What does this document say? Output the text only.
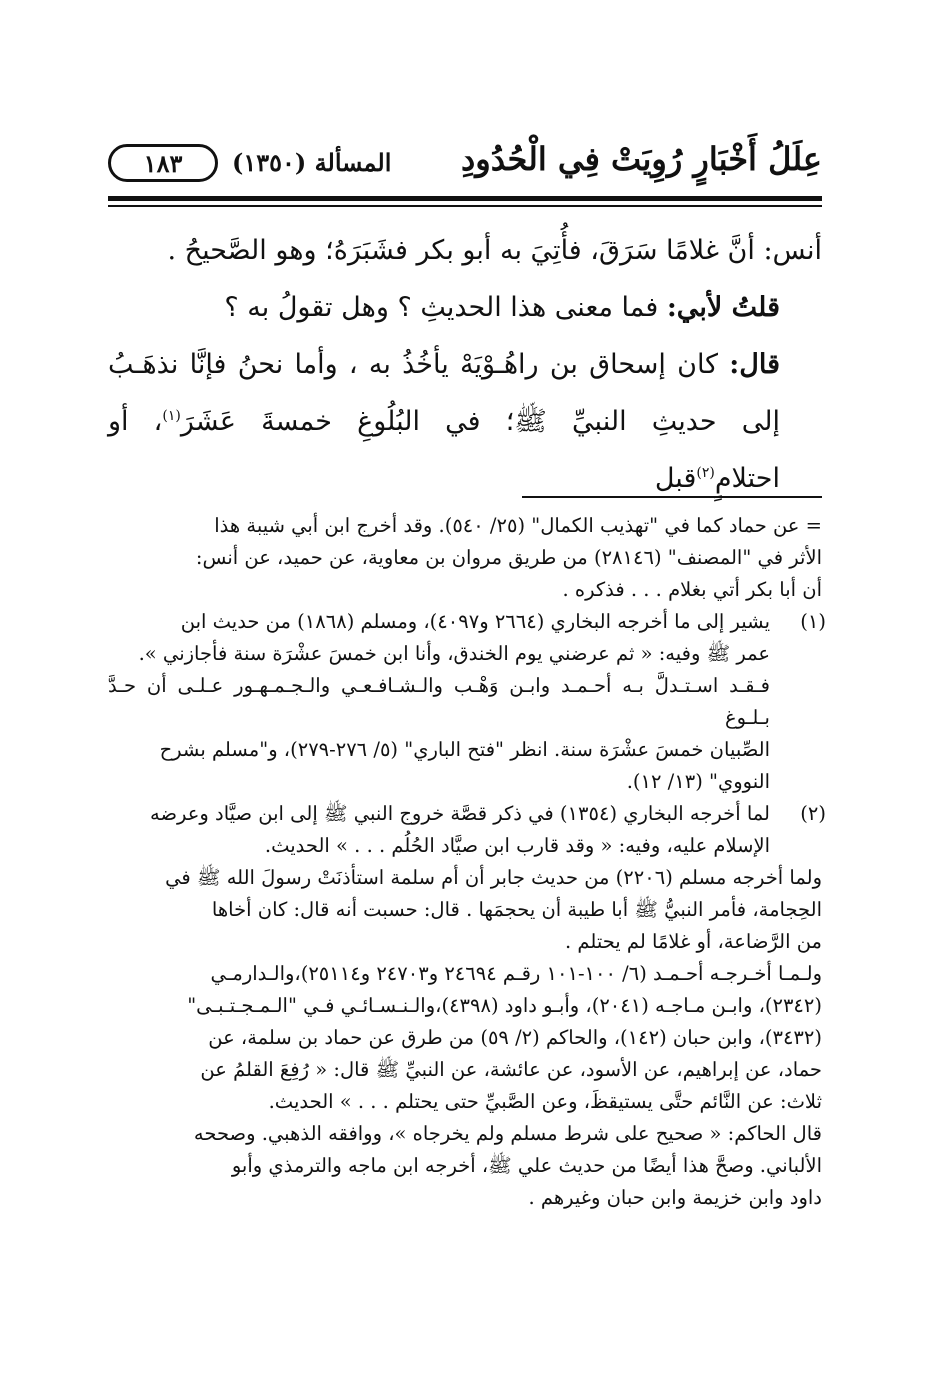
عِلَلُ أَخْبَارٍ رُوِيَتْ فِي الْحُدُودِ
المسألة (١٣٥٠)
١٨٣

أنس: أنَّ غلامًا سَرَقَ، فأُتِيَ به أبو بكر فشَبَرَهُ؛ وهو الصَّحيحُ .

قلتُ لأبي: فما معنى هذا الحديثِ ؟ وهل تقولُ به ؟

قال: كان إسحاق بن راهُـوْيَهْ يأخُذُ به ، وأما نحنُ فإنَّا نذهَـبُ إلى حديثِ النبيِّ ﷺ؛ في البُلُوغِ خمسةَ عَشَرَ$^{(١)}$، أو احتلامٍ$^{(٢)}$قبل

= عن حماد كما في "تهذيب الكمال" (٢٥/ ٥٤٠). وقد أخرج ابن أبي شيبة هذا
الأثر في "المصنف" (٢٨١٤٦) من طريق مروان بن معاوية، عن حميد، عن أنس:
أن أبا بكر أتي بغلام . . . فذكره .
(١)
يشير إلى ما أخرجه البخاري (٢٦٦٤ و٤٠٩٧)، ومسلم (١٨٦٨) من حديث ابن
عمر ﷺ وفيه: « ثم عرضني يوم الخندق، وأنا ابن خمسَ عشْرَة سنة فأجازني ».
فـقـد اسـتـدلَّ بـه أحـمـد وابـن وَهْـب والـشـافـعـي والـجـمـهـور عـلـى أن حـدَّ بـلـوغ
الصِّبيان خمسَ عشْرَة سنة. انظر "فتح الباري" (٥/ ٢٧٦-٢٧٩)، و"مسلم بشرح
النووي" (١٣/ ١٢).
(٢)
لما أخرجه البخاري (١٣٥٤) في ذكر قصَّة خروج النبي ﷺ إلى ابن صيَّاد وعرضه
الإسلام عليه، وفيه: « وقد قارب ابن صيَّاد الحُلُم . . . » الحديث.
ولما أخرجه مسلم (٢٢٠٦) من حديث جابر أن أم سلمة استأذنَتْ رسولَ الله ﷺ في
الحِجامة، فأمر النبيُّ ﷺ أبا طيبة أن يحجمَها . قال: حسبت أنه قال: كان أخاها
من الرَّضاعة، أو غلامًا لم يحتلم .
ولـمـا أخـرجـه أحـمـد (٦/ ١٠٠-١٠١ رقـم ٢٤٦٩٤ و٢٤٧٠٣ و٢٥١١٤)،والـدارمـي
(٢٣٤٢)، وابـن مـاجـه (٢٠٤١)، وأبـو داود (٤٣٩٨)،والـنـسـائـي فـي "الـمـجـتـبـى"
(٣٤٣٢)، وابن حبان (١٤٢)، والحاكم (٢/ ٥٩) من طرق عن حماد بن سلمة، عن
حماد، عن إبراهيم، عن الأسود، عن عائشة، عن النبيِّ ﷺ قال: « رُفِعَ القلمُ عن
ثلاث: عن النَّائم حتَّى يستيقظَ، وعن الصَّبيِّ حتى يحتلم . . . » الحديث.
قال الحاكم: « صحيح على شرط مسلم ولم يخرجاه »، ووافقه الذهبي. وصححه
الألباني. وصحَّ هذا أيضًا من حديث علي ﷺ، أخرجه ابن ماجه والترمذي وأبو
داود وابن خزيمة وابن حبان وغيرهم .
